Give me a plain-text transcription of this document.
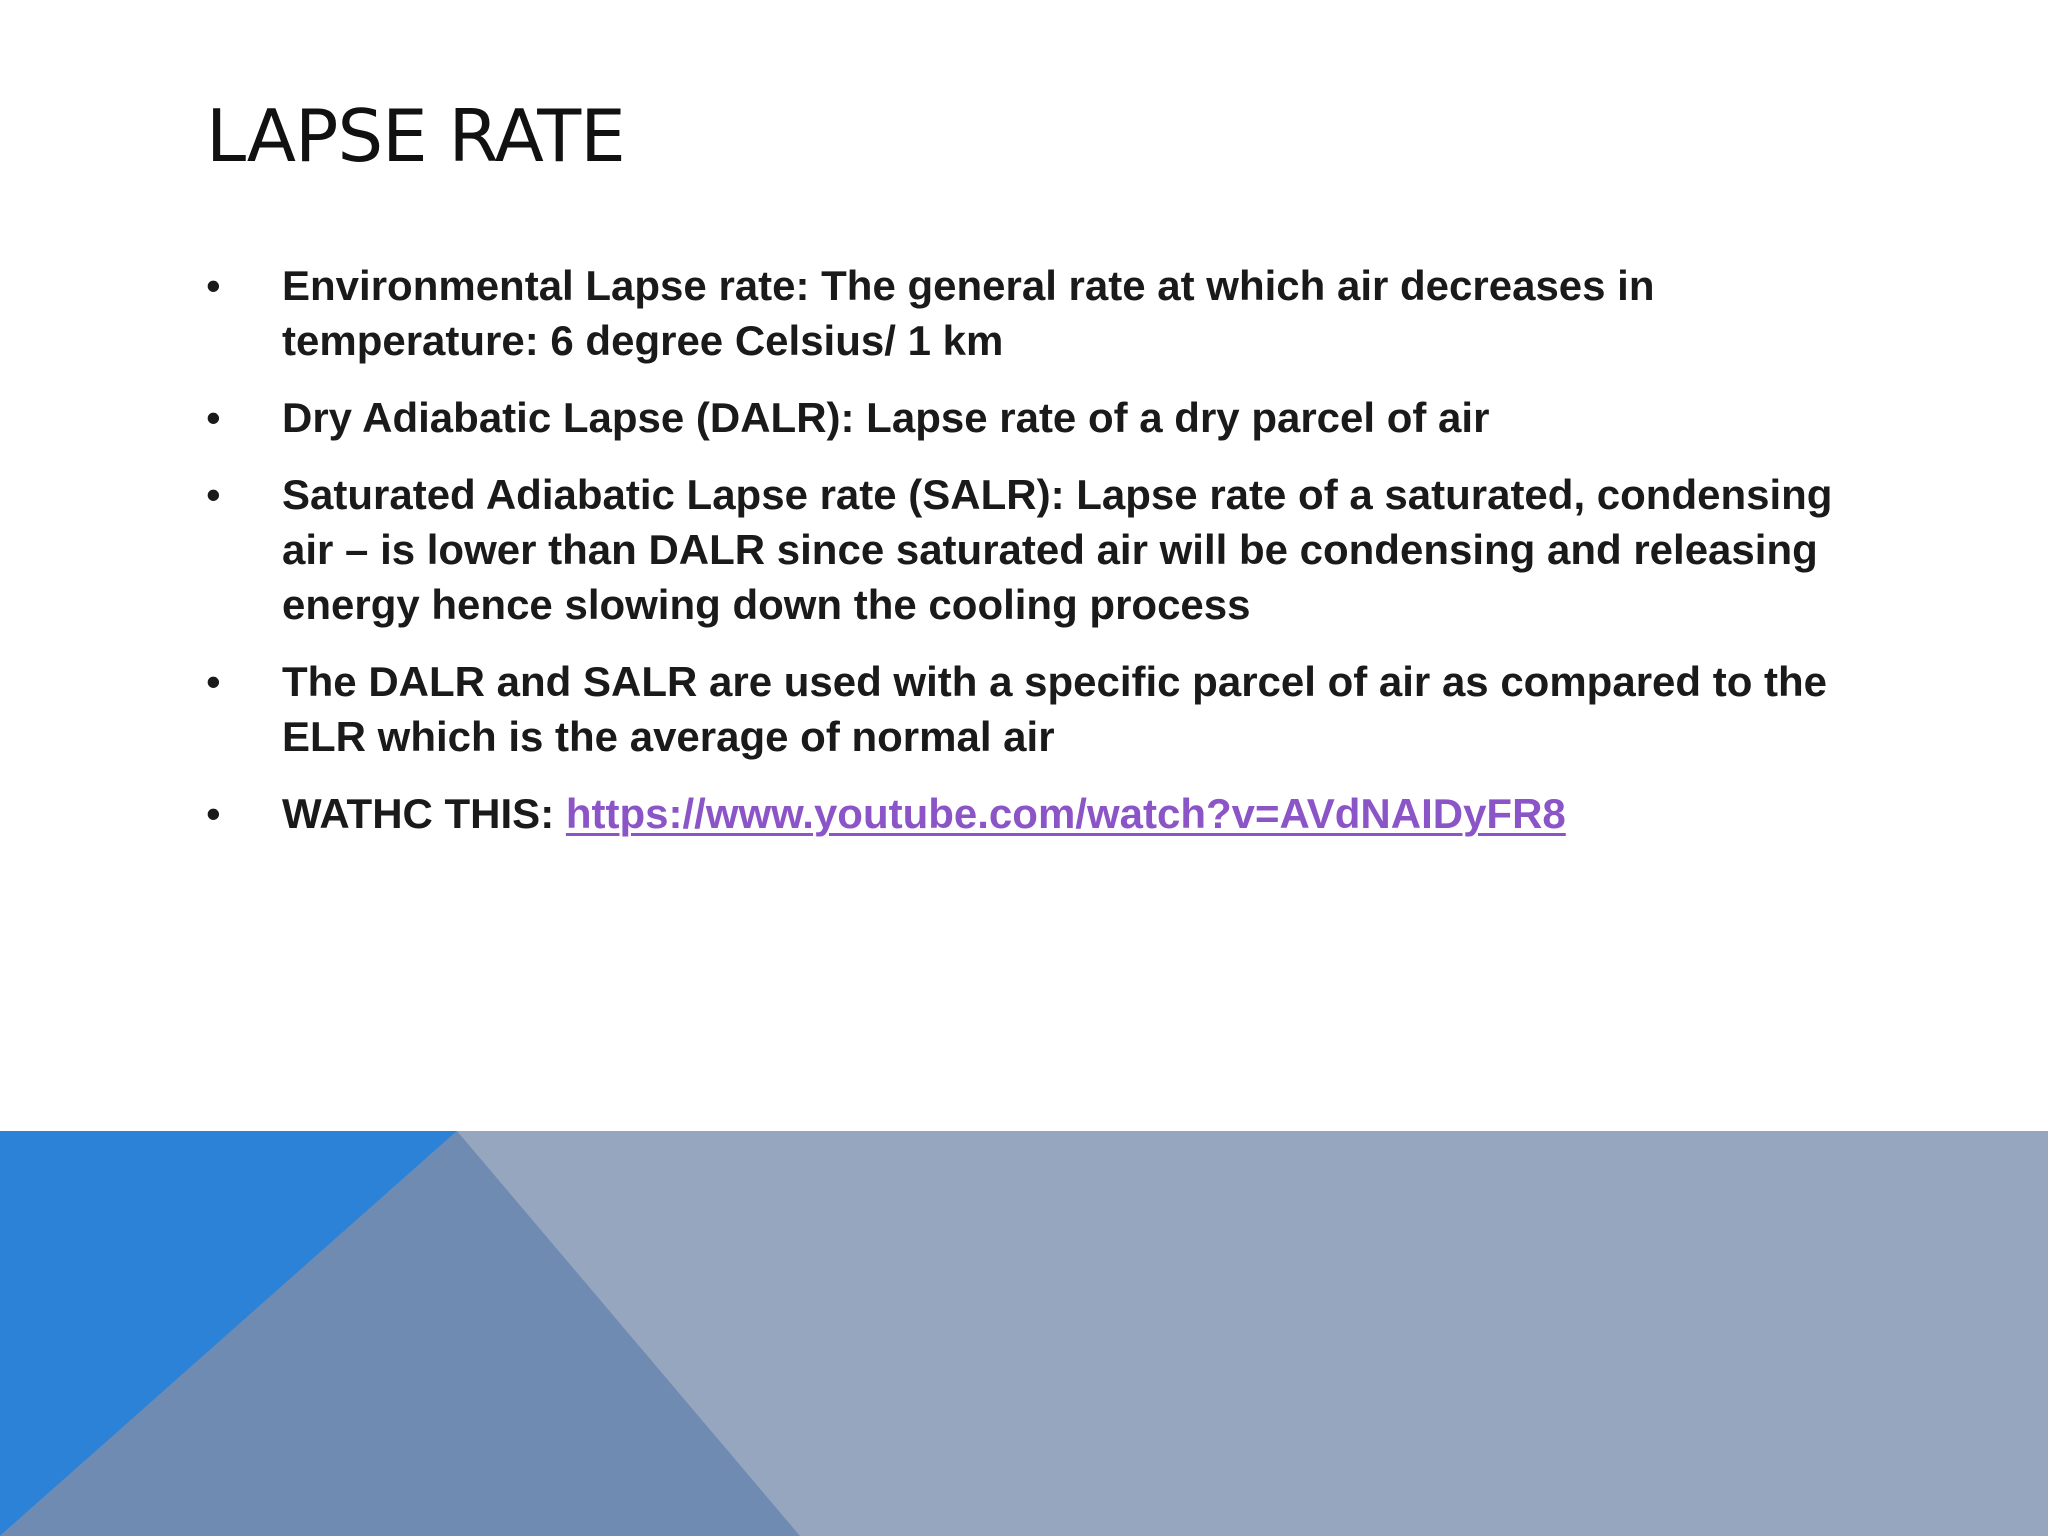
LAPSE RATE
• Environmental Lapse rate: The general rate at which air decreases in temperature: 6 degree Celsius/ 1 km
• Dry Adiabatic Lapse (DALR): Lapse rate of a dry parcel of air
• Saturated Adiabatic Lapse rate (SALR): Lapse rate of a saturated, condensing air – is lower than DALR since saturated air will be condensing and releasing energy hence slowing down the cooling process
• The DALR and SALR are used with a specific parcel of air as compared to the ELR which is the average of normal air
• WATHC THIS: https://www.youtube.com/watch?v=AVdNAIDyFR8
